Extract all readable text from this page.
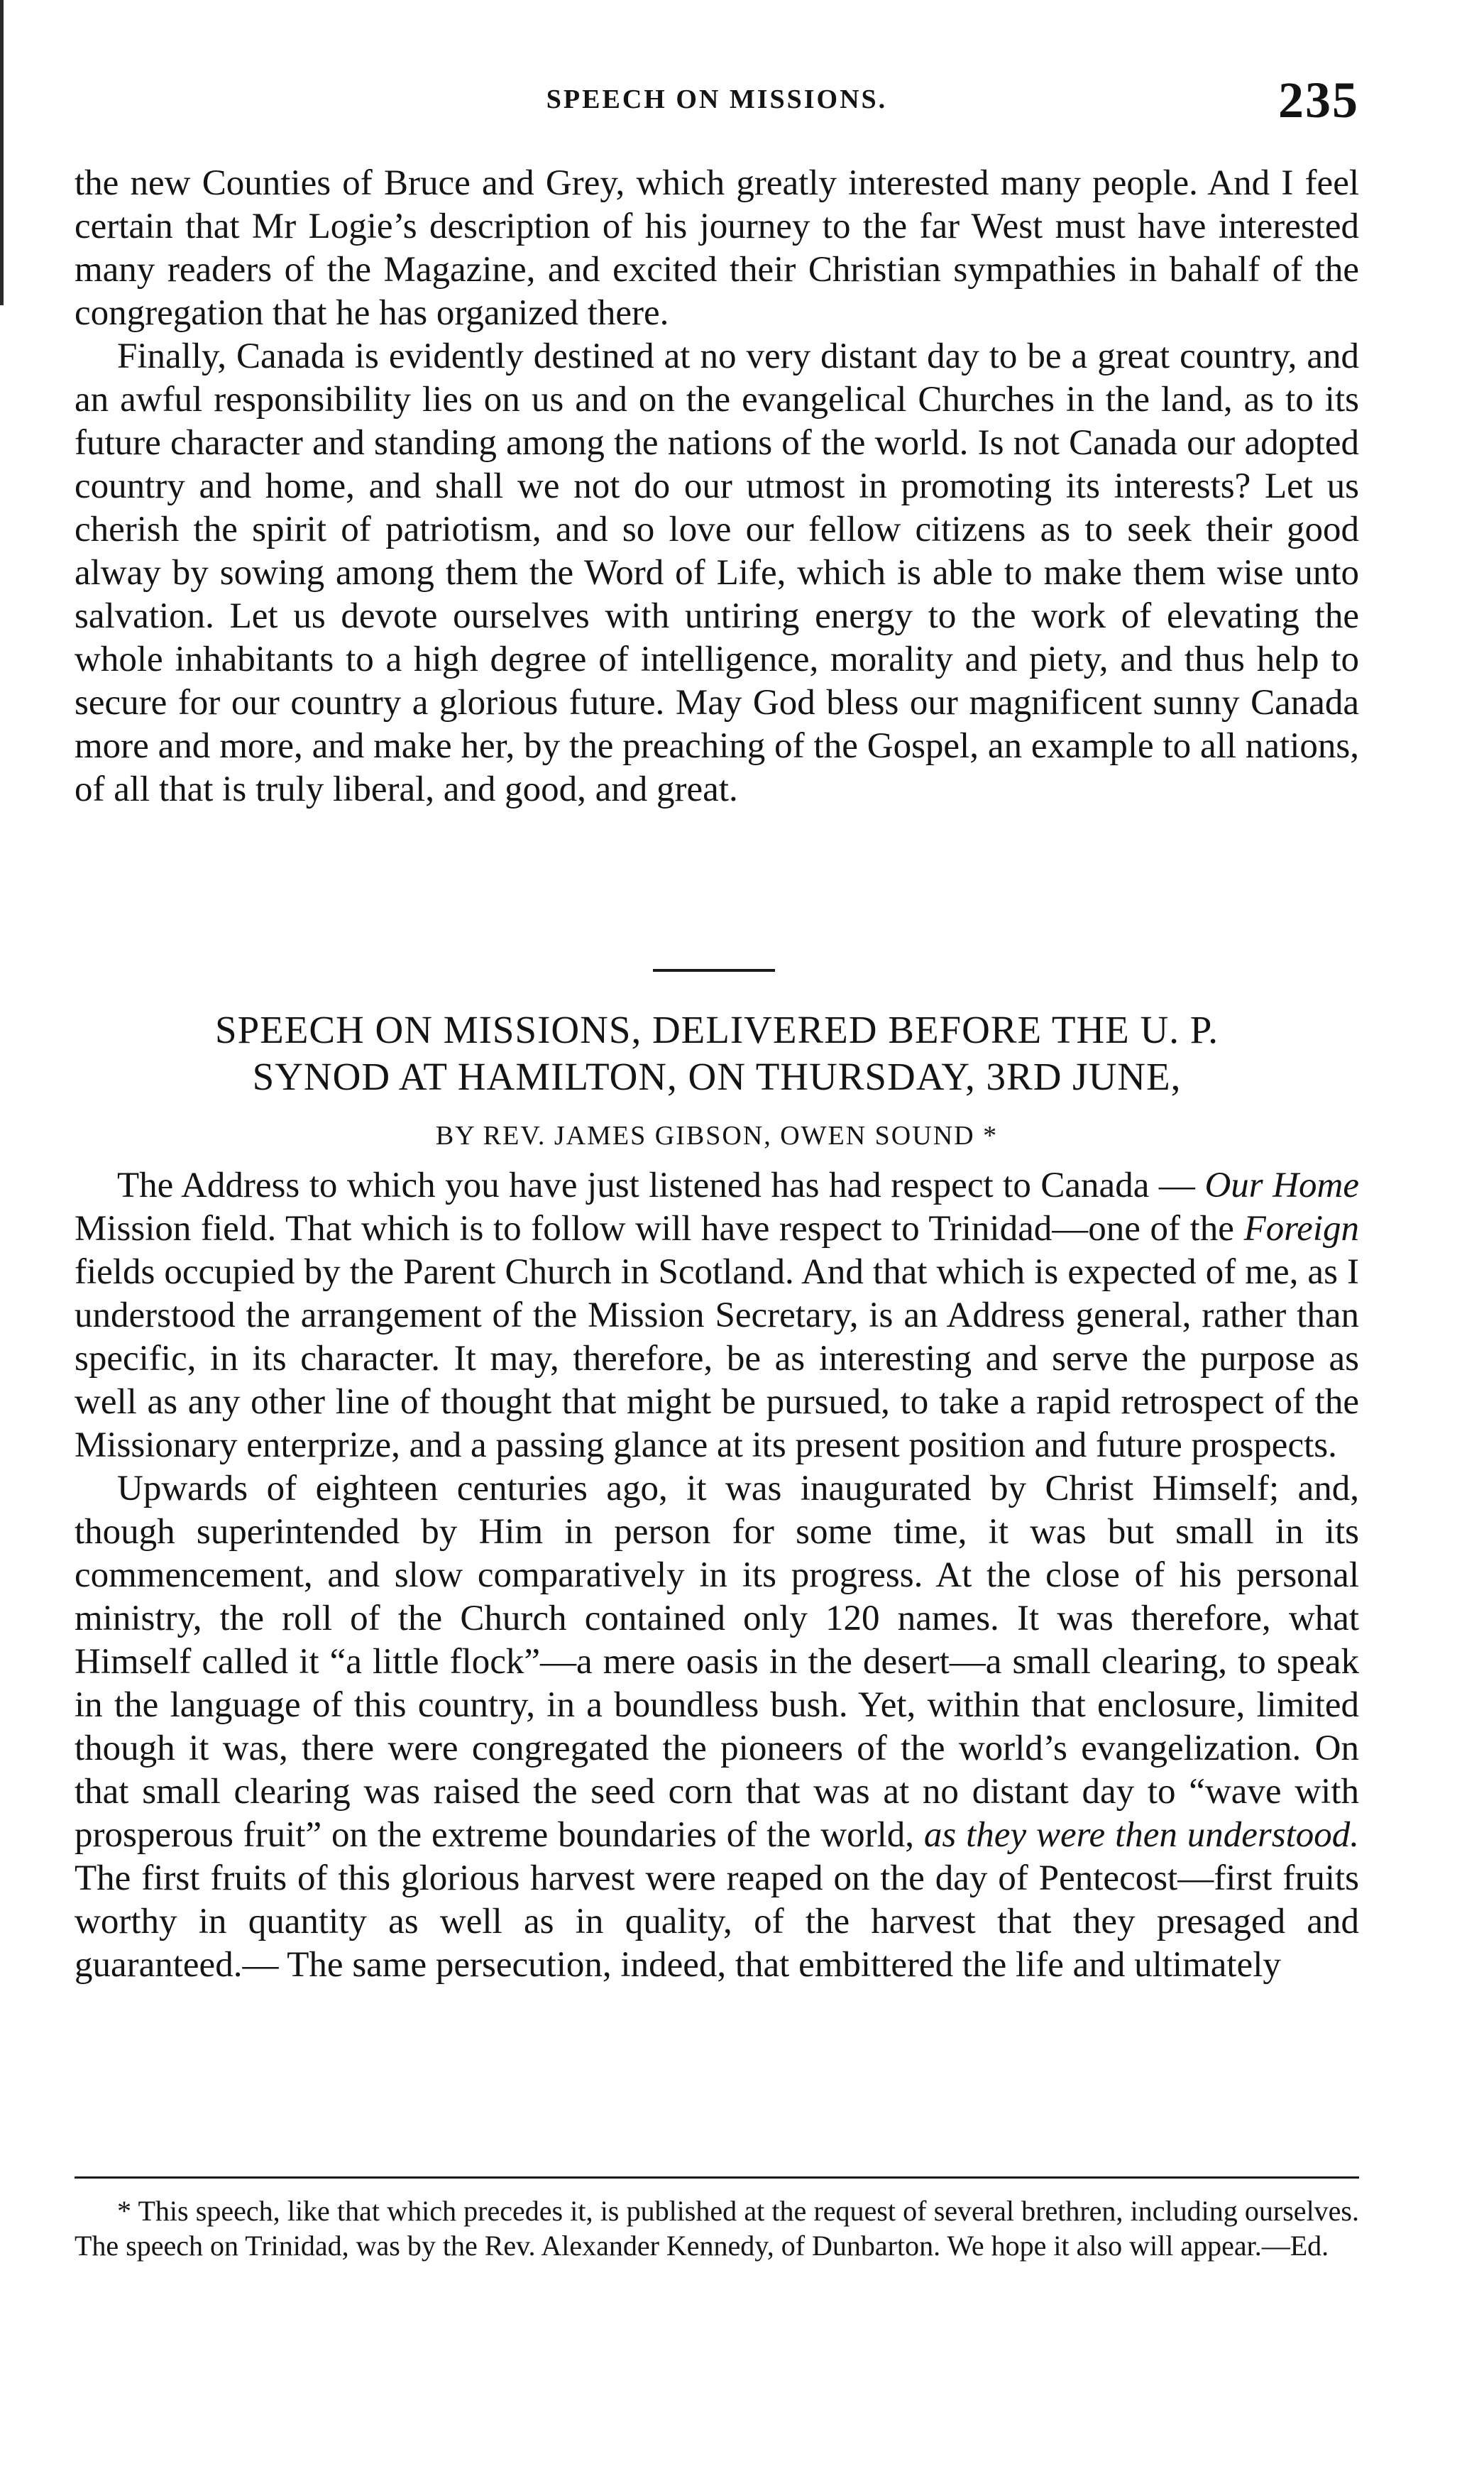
SPEECH ON MISSIONS.	235

the new Counties of Bruce and Grey, which greatly interested many people. And I feel certain that Mr Logie’s description of his journey to the far West must have interested many readers of the Magazine, and excited their Christian sympathies in bahalf of the congregation that he has organized there.

Finally, Canada is evidently destined at no very distant day to be a great country, and an awful responsibility lies on us and on the evangelical Churches in the land, as to its future character and standing among the nations of the world. Is not Canada our adopted country and home, and shall we not do our utmost in promoting its interests? Let us cherish the spirit of patriotism, and so love our fellow citizens as to seek their good alway by sowing among them the Word of Life, which is able to make them wise unto salvation. Let us devote ourselves with untiring energy to the work of elevating the whole inhabitants to a high degree of intelligence, morality and piety, and thus help to secure for our country a glorious future. May God bless our magnificent sunny Canada more and more, and make her, by the preaching of the Gospel, an example to all nations, of all that is truly liberal, and good, and great.

SPEECH ON MISSIONS, DELIVERED BEFORE THE U. P.
SYNOD AT HAMILTON, ON THURSDAY, 3RD JUNE,
BY REV. JAMES GIBSON, OWEN SOUND *

The Address to which you have just listened has had respect to Canada — Our Home Mission field. That which is to follow will have respect to Trinidad—one of the Foreign fields occupied by the Parent Church in Scotland. And that which is expected of me, as I understood the arrangement of the Mission Secretary, is an Address general, rather than specific, in its character. It may, therefore, be as interesting and serve the purpose as well as any other line of thought that might be pursued, to take a rapid retrospect of the Missionary enterprize, and a passing glance at its present position and future prospects.

Upwards of eighteen centuries ago, it was inaugurated by Christ Himself; and, though superintended by Him in person for some time, it was but small in its commencement, and slow comparatively in its progress. At the close of his personal ministry, the roll of the Church contained only 120 names. It was therefore, what Himself called it “a little flock”—a mere oasis in the desert—a small clearing, to speak in the language of this country, in a boundless bush. Yet, within that enclosure, limited though it was, there were congregated the pioneers of the world’s evangelization. On that small clearing was raised the seed corn that was at no distant day to “wave with prosperous fruit” on the extreme boundaries of the world, as they were then understood. The first fruits of this glorious harvest were reaped on the day of Pentecost—first fruits worthy in quantity as well as in quality, of the harvest that they presaged and guaranteed.— The same persecution, indeed, that embittered the life and ultimately

* This speech, like that which precedes it, is published at the request of several brethren, including ourselves. The speech on Trinidad, was by the Rev. Alexander Kennedy, of Dunbarton. We hope it also will appear.—Ed.
